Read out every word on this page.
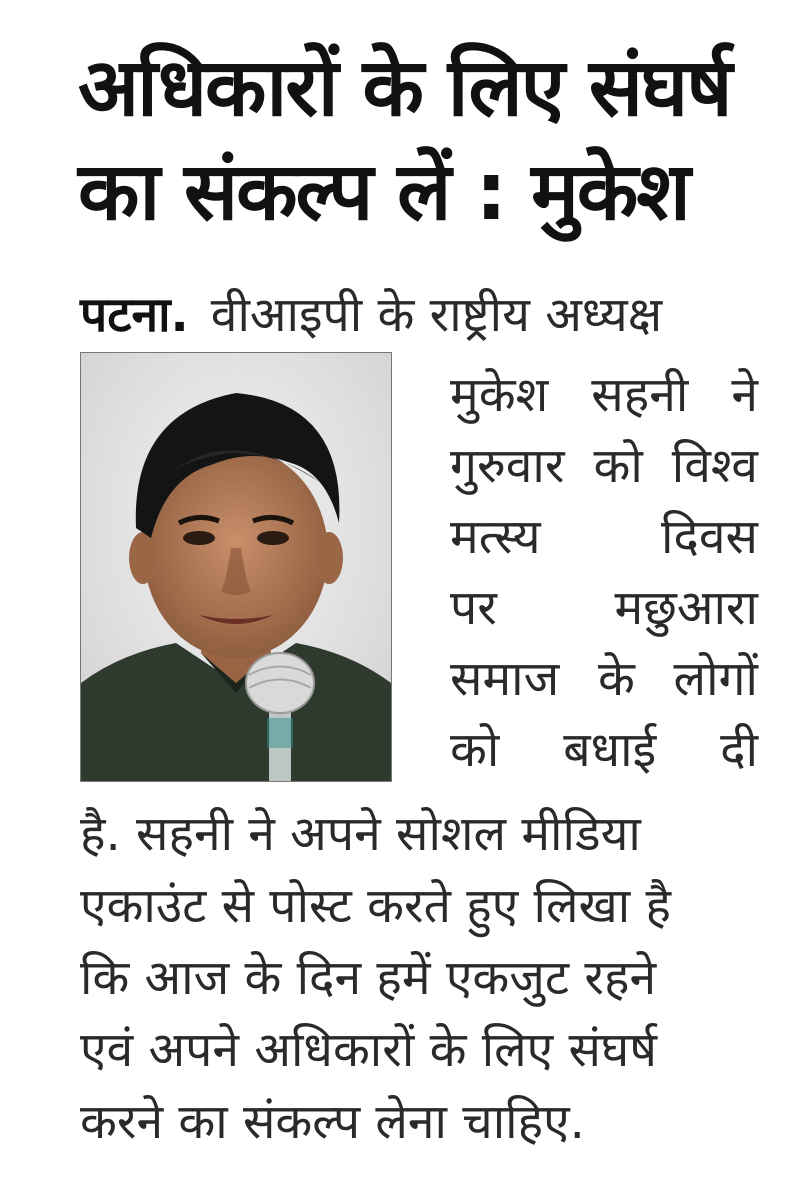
अधिकारों के लिए संघर्ष
का संकल्प लें : मुकेश
पटना. वीआइपी के राष्ट्रीय अध्यक्ष
मुकेश सहनी ने
गुरुवार को विश्व
मत्स्य	दिवस
पर मछुआरा
समाज के लोगों
को बधाई दी
है. सहनी ने अपने सोशल मीडिया
एकाउंट से पोस्ट करते हुए लिखा है
कि आज के दिन हमें एकजुट रहने
एवं अपने अधिकारों के लिए संघर्ष
करने का संकल्प लेना चाहिए.
